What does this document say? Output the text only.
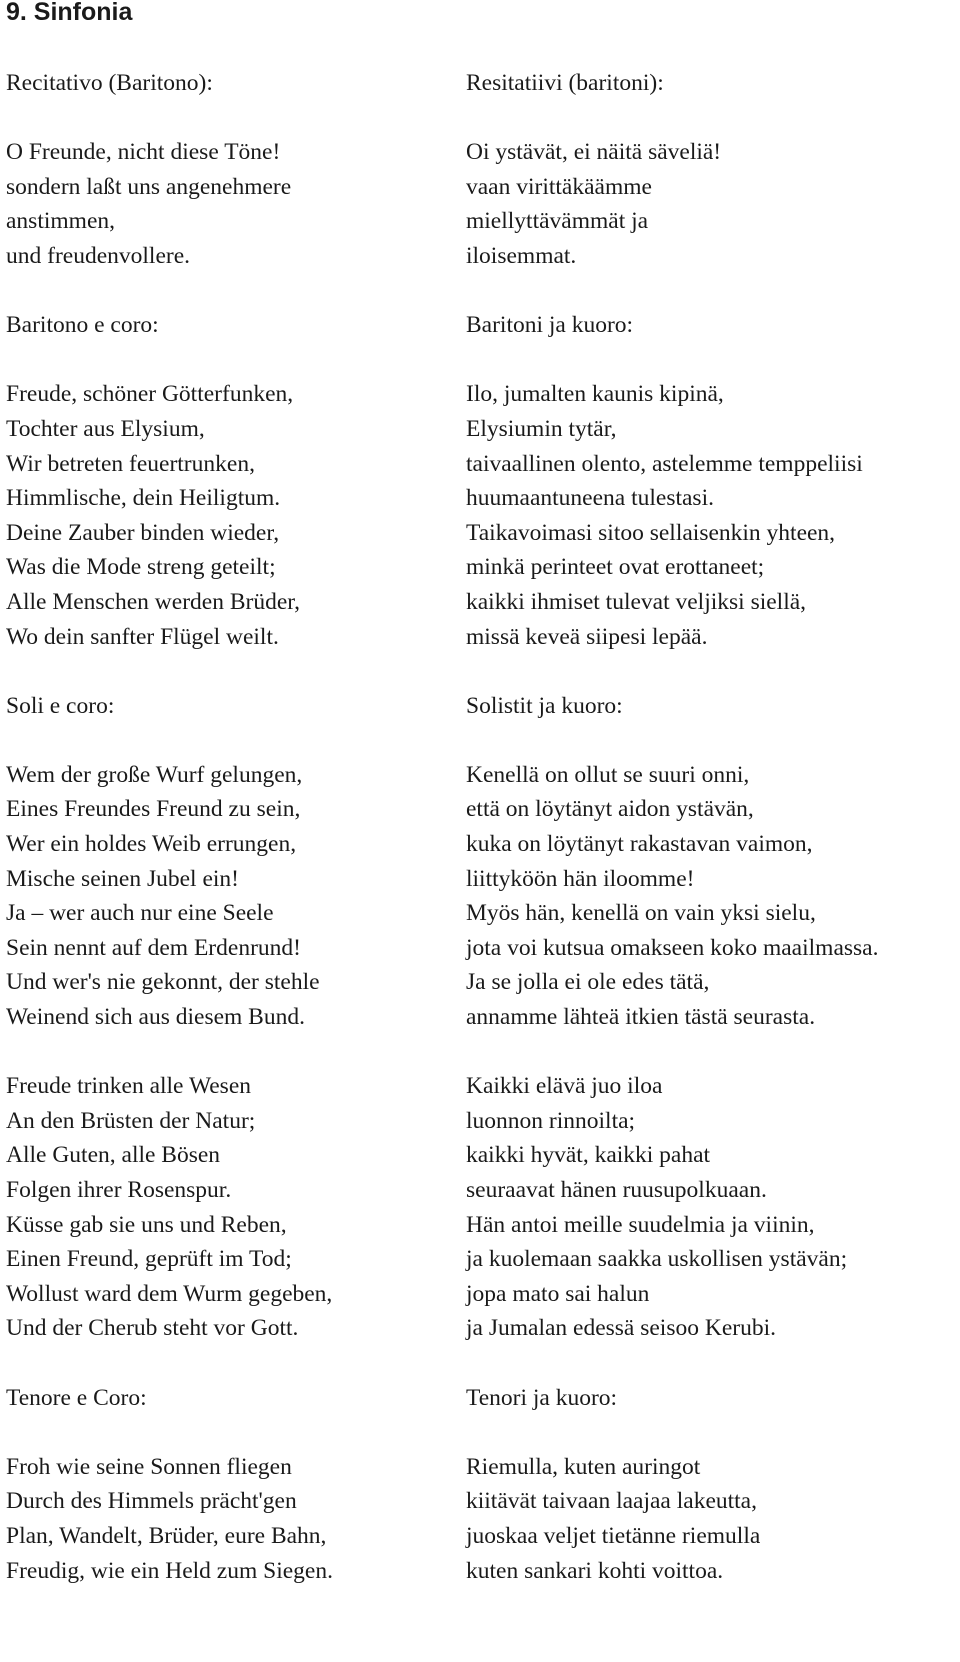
9. Sinfonia
Recitativo (Baritono):
O Freunde, nicht diese Töne!
sondern laßt uns angenehmere
anstimmen,
und freudenvollere.
Baritono e coro:
Freude, schöner Götterfunken,
Tochter aus Elysium,
Wir betreten feuertrunken,
Himmlische, dein Heiligtum.
Deine Zauber binden wieder,
Was die Mode streng geteilt;
Alle Menschen werden Brüder,
Wo dein sanfter Flügel weilt.
Soli e coro:
Wem der große Wurf gelungen,
Eines Freundes Freund zu sein,
Wer ein holdes Weib errungen,
Mische seinen Jubel ein!
Ja – wer auch nur eine Seele
Sein nennt auf dem Erdenrund!
Und wer's nie gekonnt, der stehle
Weinend sich aus diesem Bund.
Freude trinken alle Wesen
An den Brüsten der Natur;
Alle Guten, alle Bösen
Folgen ihrer Rosenspur.
Küsse gab sie uns und Reben,
Einen Freund, geprüft im Tod;
Wollust ward dem Wurm gegeben,
Und der Cherub steht vor Gott.
Tenore e Coro:
Froh wie seine Sonnen fliegen
Durch des Himmels prächt'gen
Plan, Wandelt, Brüder, eure Bahn,
Freudig, wie ein Held zum Siegen.
Resitatiivi (baritoni):
Oi ystävät, ei näitä säveliä!
vaan virittäkäämme
miellyttävämmät ja
iloisemmat.
Baritoni ja kuoro:
Ilo, jumalten kaunis kipinä,
Elysiumin tytär,
taivaallinen olento, astelemme temppeliisi
huumaantuneena tulestasi.
Taikavoimasi sitoo sellaisenkin yhteen,
minkä perinteet ovat erottaneet;
kaikki ihmiset tulevat veljiksi siellä,
missä keveä siipesi lepää.
Solistit ja kuoro:
Kenellä on ollut se suuri onni,
että on löytänyt aidon ystävän,
kuka on löytänyt rakastavan vaimon,
liittyköön hän iloomme!
Myös hän, kenellä on vain yksi sielu,
jota voi kutsua omakseen koko maailmassa.
Ja se jolla ei ole edes tätä,
annamme lähteä itkien tästä seurasta.
Kaikki elävä juo iloa
luonnon rinnoilta;
kaikki hyvät, kaikki pahat
seuraavat hänen ruusupolkuaan.
Hän antoi meille suudelmia ja viinin,
ja kuolemaan saakka uskollisen ystävän;
jopa mato sai halun
ja Jumalan edessä seisoo Kerubi.
Tenori ja kuoro:
Riemulla, kuten auringot
kiitävät taivaan laajaa lakeutta,
juoskaa veljet tietänne riemulla
kuten sankari kohti voittoa.
